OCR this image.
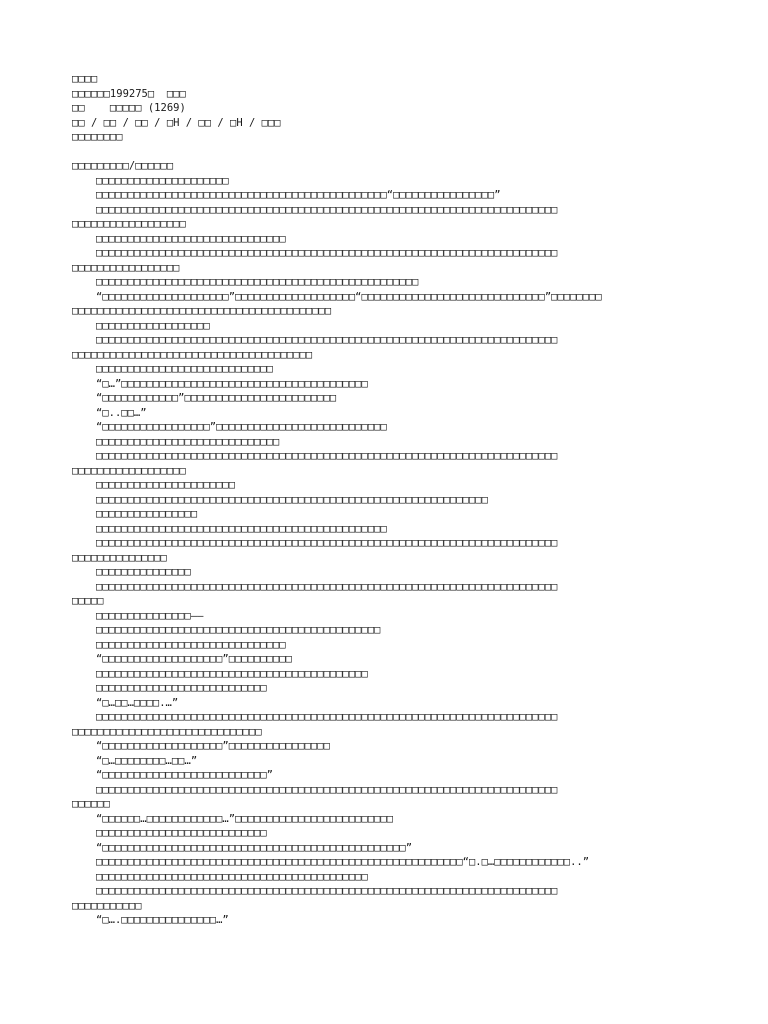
□□□□
□□□□□□199275□  □□□
□□    □□□□□ (1269)
□□ / □□ / □□ / □H / □□ / □H / □□□
□□□□□□□□
□□□□□□□□□/□□□□□□
□□□□□□□□□□□□□□□□□□□□□
□□□□□□□□□□□□□□□□□□□□□□□□□□□□□□□□□□□□□□□□□□□□□□“□□□□□□□□□□□□□□□□”
□□□□□□□□□□□□□□□□□□□□□□□□□□□□□□□□□□□□□□□□□□□□□□□□□□□□□□□□□□□□□□□□□□□□□□□□□
□□□□□□□□□□□□□□□□□□
□□□□□□□□□□□□□□□□□□□□□□□□□□□□□□
□□□□□□□□□□□□□□□□□□□□□□□□□□□□□□□□□□□□□□□□□□□□□□□□□□□□□□□□□□□□□□□□□□□□□□□□□
□□□□□□□□□□□□□□□□□
□□□□□□□□□□□□□□□□□□□□□□□□□□□□□□□□□□□□□□□□□□□□□□□□□□□
“□□□□□□□□□□□□□□□□□□□□”□□□□□□□□□□□□□□□□□□□“□□□□□□□□□□□□□□□□□□□□□□□□□□□□□”□□□□□□□□
□□□□□□□□□□□□□□□□□□□□□□□□□□□□□□□□□□□□□□□□□
□□□□□□□□□□□□□□□□□□
□□□□□□□□□□□□□□□□□□□□□□□□□□□□□□□□□□□□□□□□□□□□□□□□□□□□□□□□□□□□□□□□□□□□□□□□□
□□□□□□□□□□□□□□□□□□□□□□□□□□□□□□□□□□□□□□
□□□□□□□□□□□□□□□□□□□□□□□□□□□□
“□…”□□□□□□□□□□□□□□□□□□□□□□□□□□□□□□□□□□□□□□□
“□□□□□□□□□□□□”□□□□□□□□□□□□□□□□□□□□□□□□
“□..□□…”
“□□□□□□□□□□□□□□□□□”□□□□□□□□□□□□□□□□□□□□□□□□□□□
□□□□□□□□□□□□□□□□□□□□□□□□□□□□□
□□□□□□□□□□□□□□□□□□□□□□□□□□□□□□□□□□□□□□□□□□□□□□□□□□□□□□□□□□□□□□□□□□□□□□□□□
□□□□□□□□□□□□□□□□□□
□□□□□□□□□□□□□□□□□□□□□□
□□□□□□□□□□□□□□□□□□□□□□□□□□□□□□□□□□□□□□□□□□□□□□□□□□□□□□□□□□□□□□
□□□□□□□□□□□□□□□□
□□□□□□□□□□□□□□□□□□□□□□□□□□□□□□□□□□□□□□□□□□□□□□
□□□□□□□□□□□□□□□□□□□□□□□□□□□□□□□□□□□□□□□□□□□□□□□□□□□□□□□□□□□□□□□□□□□□□□□□□
□□□□□□□□□□□□□□□
□□□□□□□□□□□□□□□
□□□□□□□□□□□□□□□□□□□□□□□□□□□□□□□□□□□□□□□□□□□□□□□□□□□□□□□□□□□□□□□□□□□□□□□□□
□□□□□
□□□□□□□□□□□□□□□——
□□□□□□□□□□□□□□□□□□□□□□□□□□□□□□□□□□□□□□□□□□□□□
□□□□□□□□□□□□□□□□□□□□□□□□□□□□□□
“□□□□□□□□□□□□□□□□□□□”□□□□□□□□□□
□□□□□□□□□□□□□□□□□□□□□□□□□□□□□□□□□□□□□□□□□□□
□□□□□□□□□□□□□□□□□□□□□□□□□□□
“□…□□…□□□□.…”
□□□□□□□□□□□□□□□□□□□□□□□□□□□□□□□□□□□□□□□□□□□□□□□□□□□□□□□□□□□□□□□□□□□□□□□□□
□□□□□□□□□□□□□□□□□□□□□□□□□□□□□□
“□□□□□□□□□□□□□□□□□□□”□□□□□□□□□□□□□□□□
“□…□□□□□□□□…□□…”
“□□□□□□□□□□□□□□□□□□□□□□□□□□”
□□□□□□□□□□□□□□□□□□□□□□□□□□□□□□□□□□□□□□□□□□□□□□□□□□□□□□□□□□□□□□□□□□□□□□□□□
□□□□□□
“□□□□□□…□□□□□□□□□□□□…”□□□□□□□□□□□□□□□□□□□□□□□□□
□□□□□□□□□□□□□□□□□□□□□□□□□□□
“□□□□□□□□□□□□□□□□□□□□□□□□□□□□□□□□□□□□□□□□□□□□□□□□”
□□□□□□□□□□□□□□□□□□□□□□□□□□□□□□□□□□□□□□□□□□□□□□□□□□□□□□□□□□“□.□…□□□□□□□□□□□□..”
□□□□□□□□□□□□□□□□□□□□□□□□□□□□□□□□□□□□□□□□□□□
□□□□□□□□□□□□□□□□□□□□□□□□□□□□□□□□□□□□□□□□□□□□□□□□□□□□□□□□□□□□□□□□□□□□□□□□□
□□□□□□□□□□□
“□….□□□□□□□□□□□□□□□…”
